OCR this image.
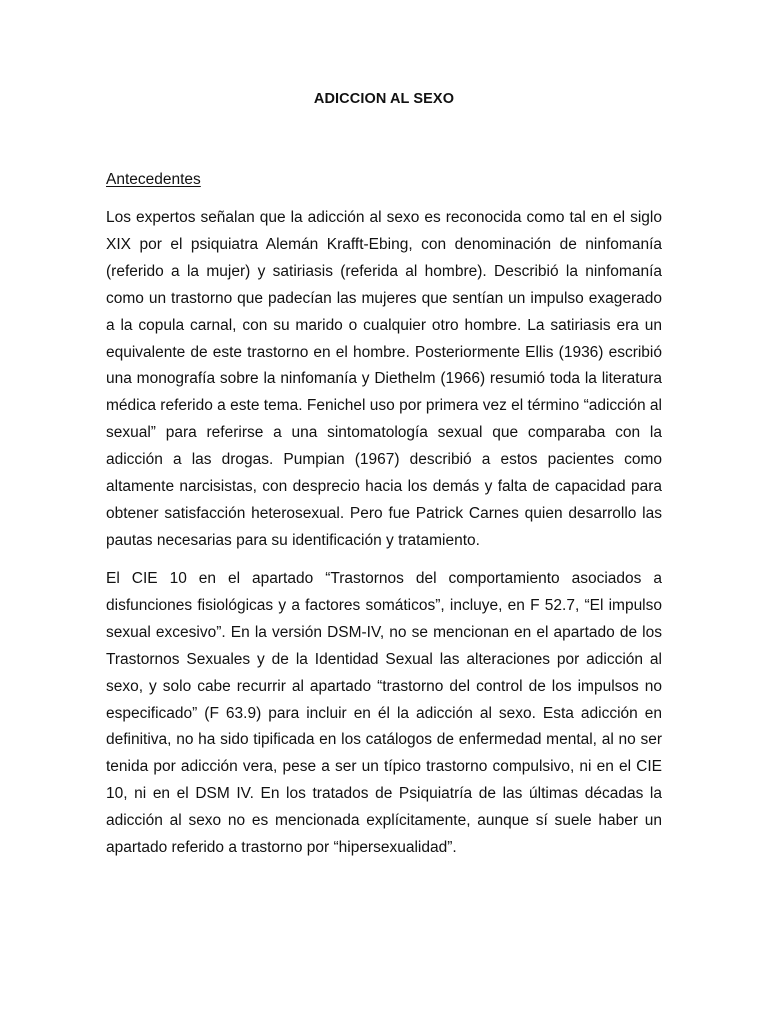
ADICCION AL SEXO
Antecedentes

Los expertos señalan que la adicción al sexo es reconocida como tal en el siglo XIX por el psiquiatra Alemán Krafft-Ebing, con denominación de ninfomanía (referido a la mujer) y satiriasis (referida al hombre). Describió la ninfomanía como un trastorno que padecían las mujeres que sentían un impulso exagerado a la copula carnal, con su marido o cualquier otro hombre. La satiriasis era un equivalente de este trastorno en el hombre. Posteriormente Ellis (1936) escribió una monografía sobre la ninfomanía y Diethelm (1966) resumió toda la literatura médica referido a este tema. Fenichel uso por primera vez el término “adicción al sexual” para referirse a una sintomatología sexual que comparaba con la adicción a las drogas. Pumpian (1967) describió a estos pacientes como altamente narcisistas, con desprecio hacia los demás y falta de capacidad para obtener satisfacción heterosexual. Pero fue Patrick Carnes quien desarrollo las pautas necesarias para su identificación y tratamiento.

El CIE 10 en el apartado “Trastornos del comportamiento asociados a disfunciones fisiológicas y a factores somáticos”, incluye, en F 52.7, “El impulso sexual excesivo”. En la versión DSM-IV, no se mencionan en el apartado de los Trastornos Sexuales y de la Identidad Sexual las alteraciones por adicción al sexo, y solo cabe recurrir al apartado “trastorno del control de los impulsos no especificado” (F 63.9) para incluir en él la adicción al sexo. Esta adicción en definitiva, no ha sido tipificada en los catálogos de enfermedad mental, al no ser tenida por adicción vera, pese a ser un típico trastorno compulsivo, ni en el CIE 10, ni en el DSM IV. En los tratados de Psiquiatría de las últimas décadas la adicción al sexo no es mencionada explícitamente, aunque sí suele haber un apartado referido a trastorno por “hipersexualidad”.
